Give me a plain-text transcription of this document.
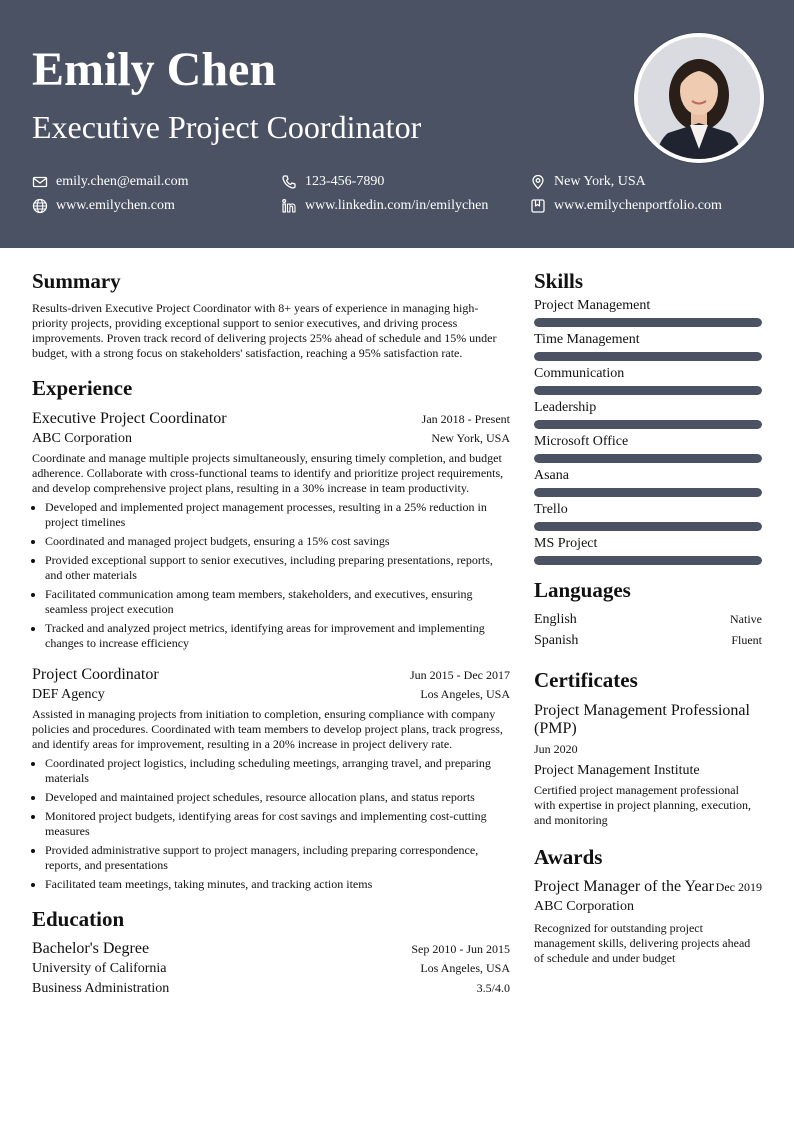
Emily Chen
Executive Project Coordinator
emily.chen@email.com	123-456-7890	New York, USA
www.emilychen.com	www.linkedin.com/in/emilychen	www.emilychenportfolio.com
Summary

Results-driven Executive Project Coordinator with 8+ years of experience in managing high-priority projects, providing exceptional support to senior executives, and driving process improvements. Proven track record of delivering projects 25% ahead of schedule and 15% under budget, with a strong focus on stakeholders' satisfaction, reaching a 95% satisfaction rate.

Experience
Executive Project Coordinator	Jan 2018 - Present
ABC Corporation	New York, USA

Coordinate and manage multiple projects simultaneously, ensuring timely completion, and budget adherence. Collaborate with cross-functional teams to identify and prioritize project requirements, and develop comprehensive project plans, resulting in a 30% increase in team productivity.

• Developed and implemented project management processes, resulting in a 25% reduction in project timelines
• Coordinated and managed project budgets, ensuring a 15% cost savings
• Provided exceptional support to senior executives, including preparing presentations, reports, and other materials
• Facilitated communication among team members, stakeholders, and executives, ensuring seamless project execution
• Tracked and analyzed project metrics, identifying areas for improvement and implementing changes to increase efficiency
Project Coordinator	Jun 2015 - Dec 2017
DEF Agency	Los Angeles, USA

Assisted in managing projects from initiation to completion, ensuring compliance with company policies and procedures. Coordinated with team members to develop project plans, track progress, and identify areas for improvement, resulting in a 20% increase in project delivery rate.

• Coordinated project logistics, including scheduling meetings, arranging travel, and preparing materials
• Developed and maintained project schedules, resource allocation plans, and status reports
• Monitored project budgets, identifying areas for cost savings and implementing cost-cutting measures
• Provided administrative support to project managers, including preparing correspondence, reports, and presentations
• Facilitated team meetings, taking minutes, and tracking action items
Education
Bachelor's Degree	Sep 2010 - Jun 2015
University of California	Los Angeles, USA
Business Administration	3.5/4.0
Skills
Project Management
Time Management
Communication
Leadership
Microsoft Office
Asana
Trello
MS Project
Languages
English	Native
Spanish	Fluent
Certificates
Project Management Professional (PMP)
Jun 2020
Project Management Institute
Certified project management professional with expertise in project planning, execution, and monitoring
Awards
Project Manager of the Year Dec 2019
ABC Corporation
Recognized for outstanding project management skills, delivering projects ahead of schedule and under budget
